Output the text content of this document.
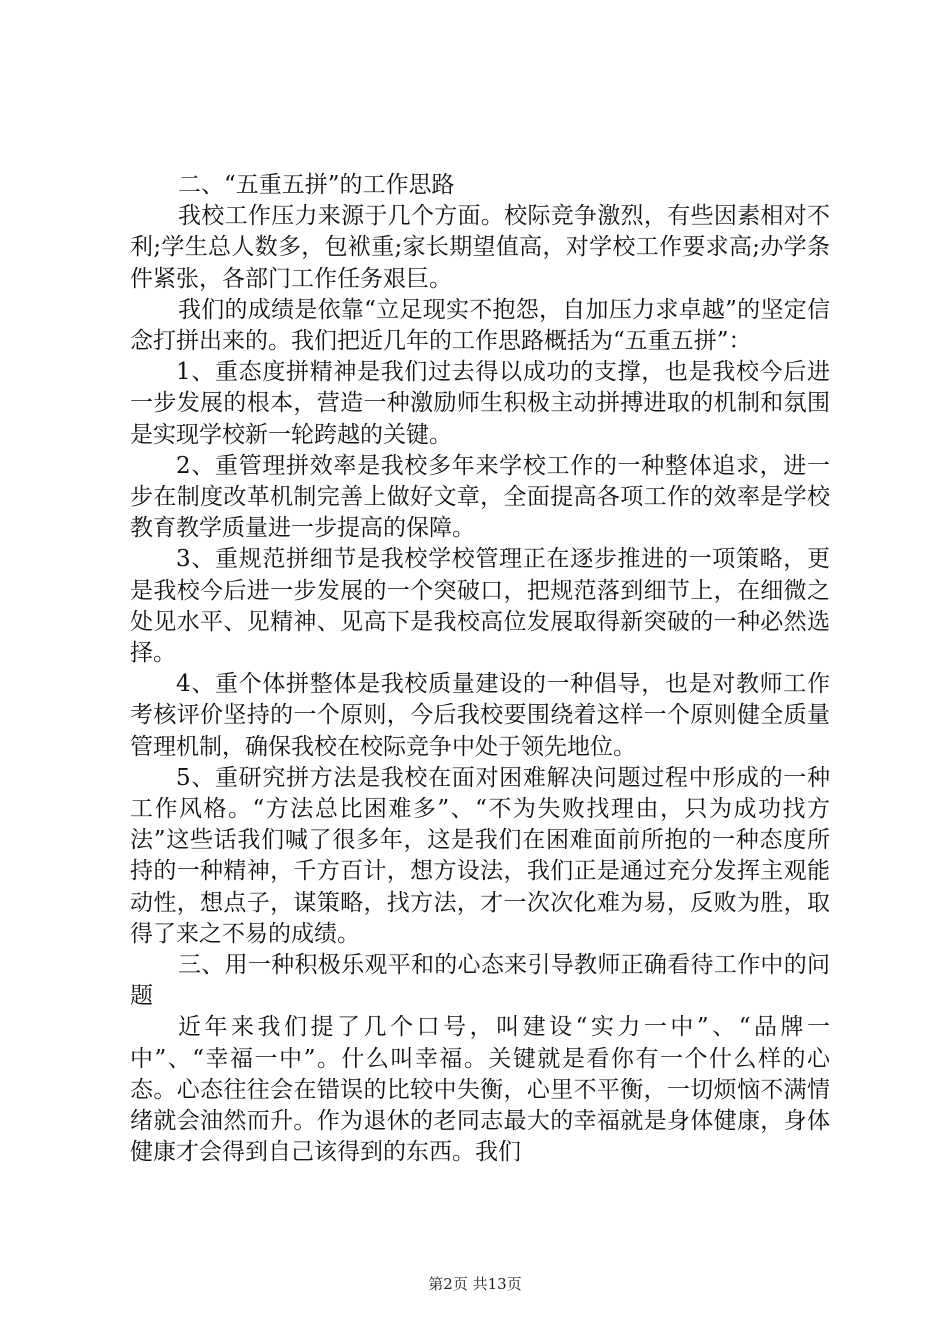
二、“五重五拼”的工作思路

我校工作压力来源于几个方面。校际竞争激烈，有些因素相对不利;学生总人数多，包袱重;家长期望值高，对学校工作要求高;办学条件紧张，各部门工作任务艰巨。

我们的成绩是依靠“立足现实不抱怨，自加压力求卓越”的坚定信念打拼出来的。我们把近几年的工作思路概括为“五重五拼”：

1、重态度拼精神是我们过去得以成功的支撑，也是我校今后进一步发展的根本，营造一种激励师生积极主动拼搏进取的机制和氛围是实现学校新一轮跨越的关键。

2、重管理拼效率是我校多年来学校工作的一种整体追求，进一步在制度改革机制完善上做好文章，全面提高各项工作的效率是学校教育教学质量进一步提高的保障。

3、重规范拼细节是我校学校管理正在逐步推进的一项策略，更是我校今后进一步发展的一个突破口，把规范落到细节上，在细微之处见水平、见精神、见高下是我校高位发展取得新突破的一种必然选择。

4、重个体拼整体是我校质量建设的一种倡导，也是对教师工作考核评价坚持的一个原则，今后我校要围绕着这样一个原则健全质量管理机制，确保我校在校际竞争中处于领先地位。

5、重研究拼方法是我校在面对困难解决问题过程中形成的一种工作风格。“方法总比困难多”、“不为失败找理由，只为成功找方法”这些话我们喊了很多年，这是我们在困难面前所抱的一种态度所持的一种精神，千方百计，想方设法，我们正是通过充分发挥主观能动性，想点子，谋策略，找方法，才一次次化难为易，反败为胜，取得了来之不易的成绩。

三、用一种积极乐观平和的心态来引导教师正确看待工作中的问题

近年来我们提了几个口号，叫建设“实力一中”、“品牌一中”、“幸福一中”。什么叫幸福。关键就是看你有一个什么样的心态。心态往往会在错误的比较中失衡，心里不平衡，一切烦恼不满情绪就会油然而升。作为退休的老同志最大的幸福就是身体健康，身体健康才会得到自己该得到的东西。我们

第2页 共13页
